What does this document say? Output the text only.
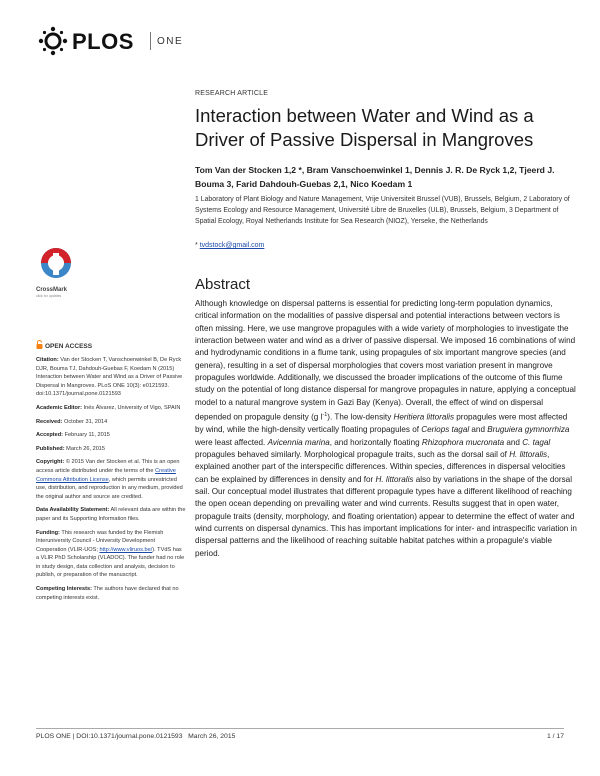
PLOS ONE
RESEARCH ARTICLE
Interaction between Water and Wind as a Driver of Passive Dispersal in Mangroves
Tom Van der Stocken 1,2 *, Bram Vanschoenwinkel 1, Dennis J. R. De Ryck 1,2, Tjeerd J. Bouma 3, Farid Dahdouh-Guebas 2,1, Nico Koedam 1
1 Laboratory of Plant Biology and Nature Management, Vrije Universiteit Brussel (VUB), Brussels, Belgium, 2 Laboratory of Systems Ecology and Resource Management, Université Libre de Bruxelles (ULB), Brussels, Belgium, 3 Department of Spatial Ecology, Royal Netherlands Institute for Sea Research (NIOZ), Yerseke, the Netherlands
* tvdstock@gmail.com
CrossMark
click for updates
OPEN ACCESS
Citation: Van der Stocken T, Vanschoenwinkel B, De Ryck DJR, Bouma TJ, Dahdouh-Guebas F, Koedam N (2015) Interaction between Water and Wind as a Driver of Passive Dispersal in Mangroves. PLoS ONE 10(3): e0121593. doi:10.1371/journal.pone.0121593
Academic Editor: Inés Álvarez, University of Vigo, SPAIN
Received: October 31, 2014
Accepted: February 11, 2015
Published: March 26, 2015
Copyright: © 2015 Van der Stocken et al. This is an open access article distributed under the terms of the Creative Commons Attribution License, which permits unrestricted use, distribution, and reproduction in any medium, provided the original author and source are credited.
Data Availability Statement: All relevant data are within the paper and its Supporting Information files.
Funding: This research was funded by the Flemish Interuniversity Council - University Development Cooperation (VLIR-UOS; http://www.vliruos.be/). TVdS has a VLIR PhD Scholarship (VLADOC). The funder had no role in study design, data collection and analysis, decision to publish, or preparation of the manuscript.
Competing Interests: The authors have declared that no competing interests exist.
Abstract

Although knowledge on dispersal patterns is essential for predicting long-term population dynamics, critical information on the modalities of passive dispersal and potential interactions between vectors is often missing. Here, we use mangrove propagules with a wide variety of morphologies to investigate the interaction between water and wind as a driver of passive dispersal. We imposed 16 combinations of wind and hydrodynamic conditions in a flume tank, using propagules of six important mangrove species (and genera), resulting in a set of dispersal morphologies that covers most variation present in mangrove propagules worldwide. Additionally, we discussed the broader implications of the outcome of this flume study on the potential of long distance dispersal for mangrove propagules in nature, applying a conceptual model to a natural mangrove system in Gazi Bay (Kenya). Overall, the effect of wind on dispersal depended on propagule density (g $l^{-1}$). The low-density Heritiera littoralis propagules were most affected by wind, while the high-density vertically floating propagules of Ceriops tagal and Bruguiera gymnorrhiza were least affected. Avicennia marina, and horizontally floating Rhizophora mucronata and C. tagal propagules behaved similarly. Morphological propagule traits, such as the dorsal sail of H. littoralis, explained another part of the interspecific differences. Within species, differences in dispersal velocities can be explained by differences in density and for H. littoralis also by variations in the shape of the dorsal sail. Our conceptual model illustrates that different propagule types have a different likelihood of reaching the open ocean depending on prevailing water and wind currents. Results suggest that in open water, propagule traits (density, morphology, and floating orientation) appear to determine the effect of water and wind currents on dispersal dynamics. This has important implications for inter- and intraspecific variation in dispersal patterns and the likelihood of reaching suitable habitat patches within a propagule's viable period.

PLOS ONE | DOI:10.1371/journal.pone.0121593   March 26, 2015	1 / 17
